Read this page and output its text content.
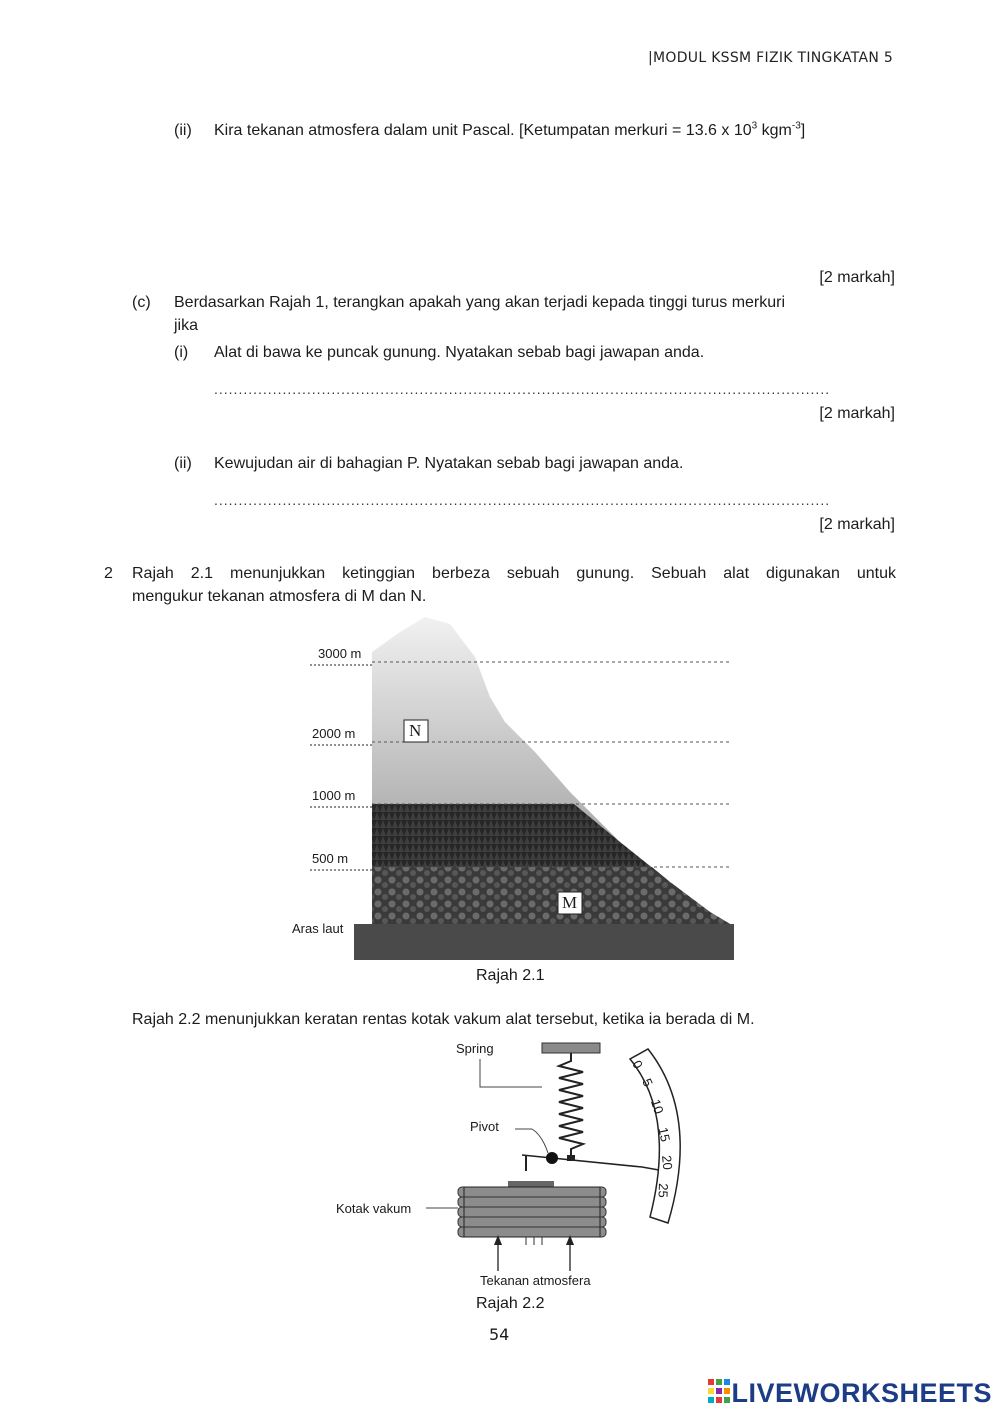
|MODUL KSSM FIZIK TINGKATAN 5
(ii) Kira tekanan atmosfera dalam unit Pascal. [Ketumpatan merkuri = 13.6 x $10^3$ kgm$^{-3}$]
[2 markah]
(c) Berdasarkan Rajah 1, terangkan apakah yang akan terjadi kepada tinggi turus merkuri
jika
(i) Alat di bawa ke puncak gunung. Nyatakan sebab bagi jawapan anda.
..............................................................................................................................
[2 markah]
(ii) Kewujudan air di bahagian P. Nyatakan sebab bagi jawapan anda.
..............................................................................................................................
[2 markah]
2 Rajah 2.1 menunjukkan ketinggian berbeza sebuah gunung. Sebuah alat digunakan untuk
mengukur tekanan atmosfera di M dan N.
3000 m
2000 m
1000 m
500 m
Aras laut
N
M
Rajah 2.1
Rajah 2.2 menunjukkan keratan rentas kotak vakum alat tersebut, ketika ia berada di M.
Spring
Pivot
Kotak vakum
Tekanan atmosfera
0
5
10
15
20
25
Rajah 2.2
54
LIVEWORKSHEETS
